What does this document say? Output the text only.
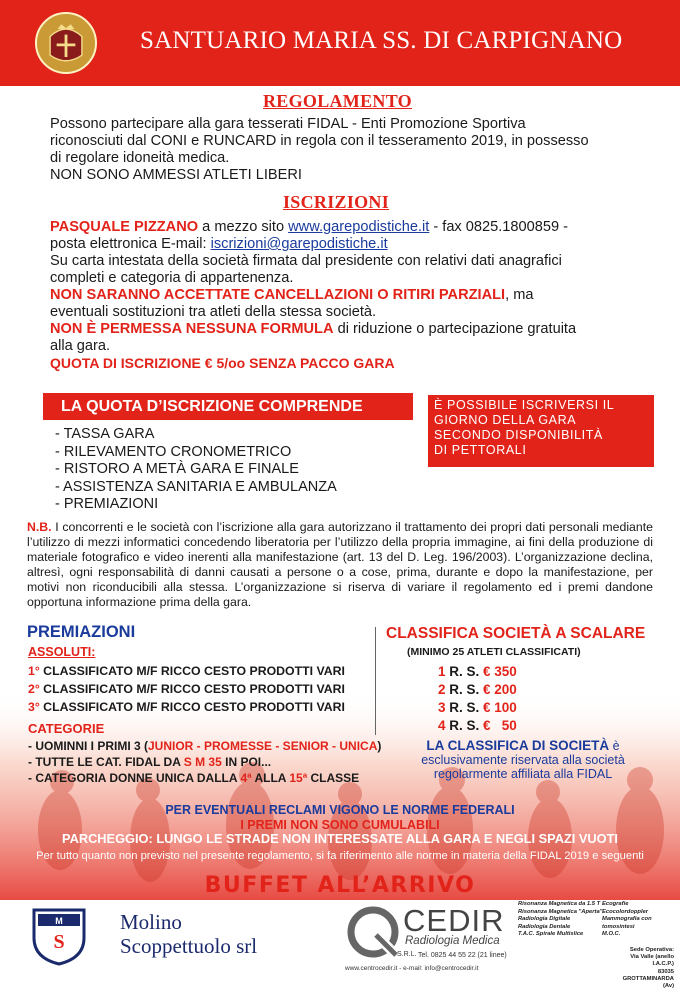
SANTUARIO MARIA SS. DI CARPIGNANO
REGOLAMENTO
Possono partecipare alla gara tesserati FIDAL - Enti Promozione Sportiva
riconosciuti dal CONI e RUNCARD in regola con il tesseramento 2019, in possesso
di regolare idoneità medica.
NON SONO AMMESSI ATLETI LIBERI
ISCRIZIONI
PASQUALE PIZZANO a mezzo sito www.garepodistiche.it - fax 0825.1800859 -
posta elettronica E-mail: iscrizioni@garepodistiche.it
Su carta intestata della società firmata dal presidente con relativi dati anagrafici
completi e categoria di appartenenza.
NON SARANNO ACCETTATE CANCELLAZIONI O RITIRI PARZIALI, ma
eventuali sostituzioni tra atleti della stessa società.
NON È PERMESSA NESSUNA FORMULA di riduzione o partecipazione gratuita
alla gara.
QUOTA DI ISCRIZIONE € 5/oo SENZA PACCO GARA
LA QUOTA D’ISCRIZIONE COMPRENDE	È POSSIBILE ISCRIVERSI IL
GIORNO DELLA GARA
SECONDO DISPONIBILITÀ
DI PETTORALI
- TASSA GARA
- RILEVAMENTO CRONOMETRICO
- RISTORO A METÀ GARA E FINALE
- ASSISTENZA SANITARIA E AMBULANZA
- PREMIAZIONI
N.B. I concorrenti e le società con l’iscrizione alla gara autorizzano il trattamento dei propri dati personali mediante l’utilizzo di mezzi informatici concedendo liberatoria per l’utilizzo della propria immagine, ai fini della produzione di materiale fotografico e video inerenti alla manifestazione (art. 13 del D. Leg. 196/2003). L’organizzazione declina, altresì, ogni responsabilità di danni causati a persone o a cose, prima, durante e dopo la manifestazione, per motivi non riconducibili alla stessa. L’organizzazione si riserva di variare il regolamento ed i premi dandone opportuna informazione prima della gara.
PREMIAZIONI
ASSOLUTI:
1° CLASSIFICATO M/F RICCO CESTO PRODOTTI VARI
2° CLASSIFICATO M/F RICCO CESTO PRODOTTI VARI
3° CLASSIFICATO M/F RICCO CESTO PRODOTTI VARI
CATEGORIE
- UOMINNI I PRIMI 3 (JUNIOR - PROMESSE - SENIOR - UNICA)
- TUTTE LE CAT. FIDAL DA S M 35 IN POI...
- CATEGORIA DONNE UNICA DALLA 4ª ALLA 15ª CLASSE
CLASSIFICA SOCIETÀ A SCALARE
(MINIMO 25 ATLETI CLASSIFICATI)
1 R. S. € 350
2 R. S. € 200
3 R. S. € 100
4 R. S. €   50
LA CLASSIFICA DI SOCIETÀ è esclusivamente riservata alla società regolarmente affiliata alla FIDAL
PER EVENTUALI RECLAMI VIGONO LE NORME FEDERALI
I PREMI NON SONO CUMULABILI
PARCHEGGIO: LUNGO LE STRADE NON INTERESSATE ALLA GARA E NEGLI SPAZI VUOTI
Per tutto quanto non previsto nel presente regolamento, si fa riferimento alle norme in materia della FIDAL 2019 e seguenti
BUFFET ALL’ARRIVO
S
M	Molino
Scoppettuolo srl
CEDIR
Radiologia Medica
S.R.L. Tel. 0825 44 55 22 (21 linee)
www.centrocedir.it - e-mail: info@centrocedir.it
Risonanza Magnetica da 1.5 T
Risonanza Magnetica "Aperta"
Radiologia Digitale
Radiologia Dentale
T.A.C. Spirale Multislice
Ecografie
Ecocolordoppler
Mammografia con tomosintesi
M.O.C.
Sede Operativa:
Via Valle (anello I.A.C.P.)
83035 GROTTAMINARDA (Av)
